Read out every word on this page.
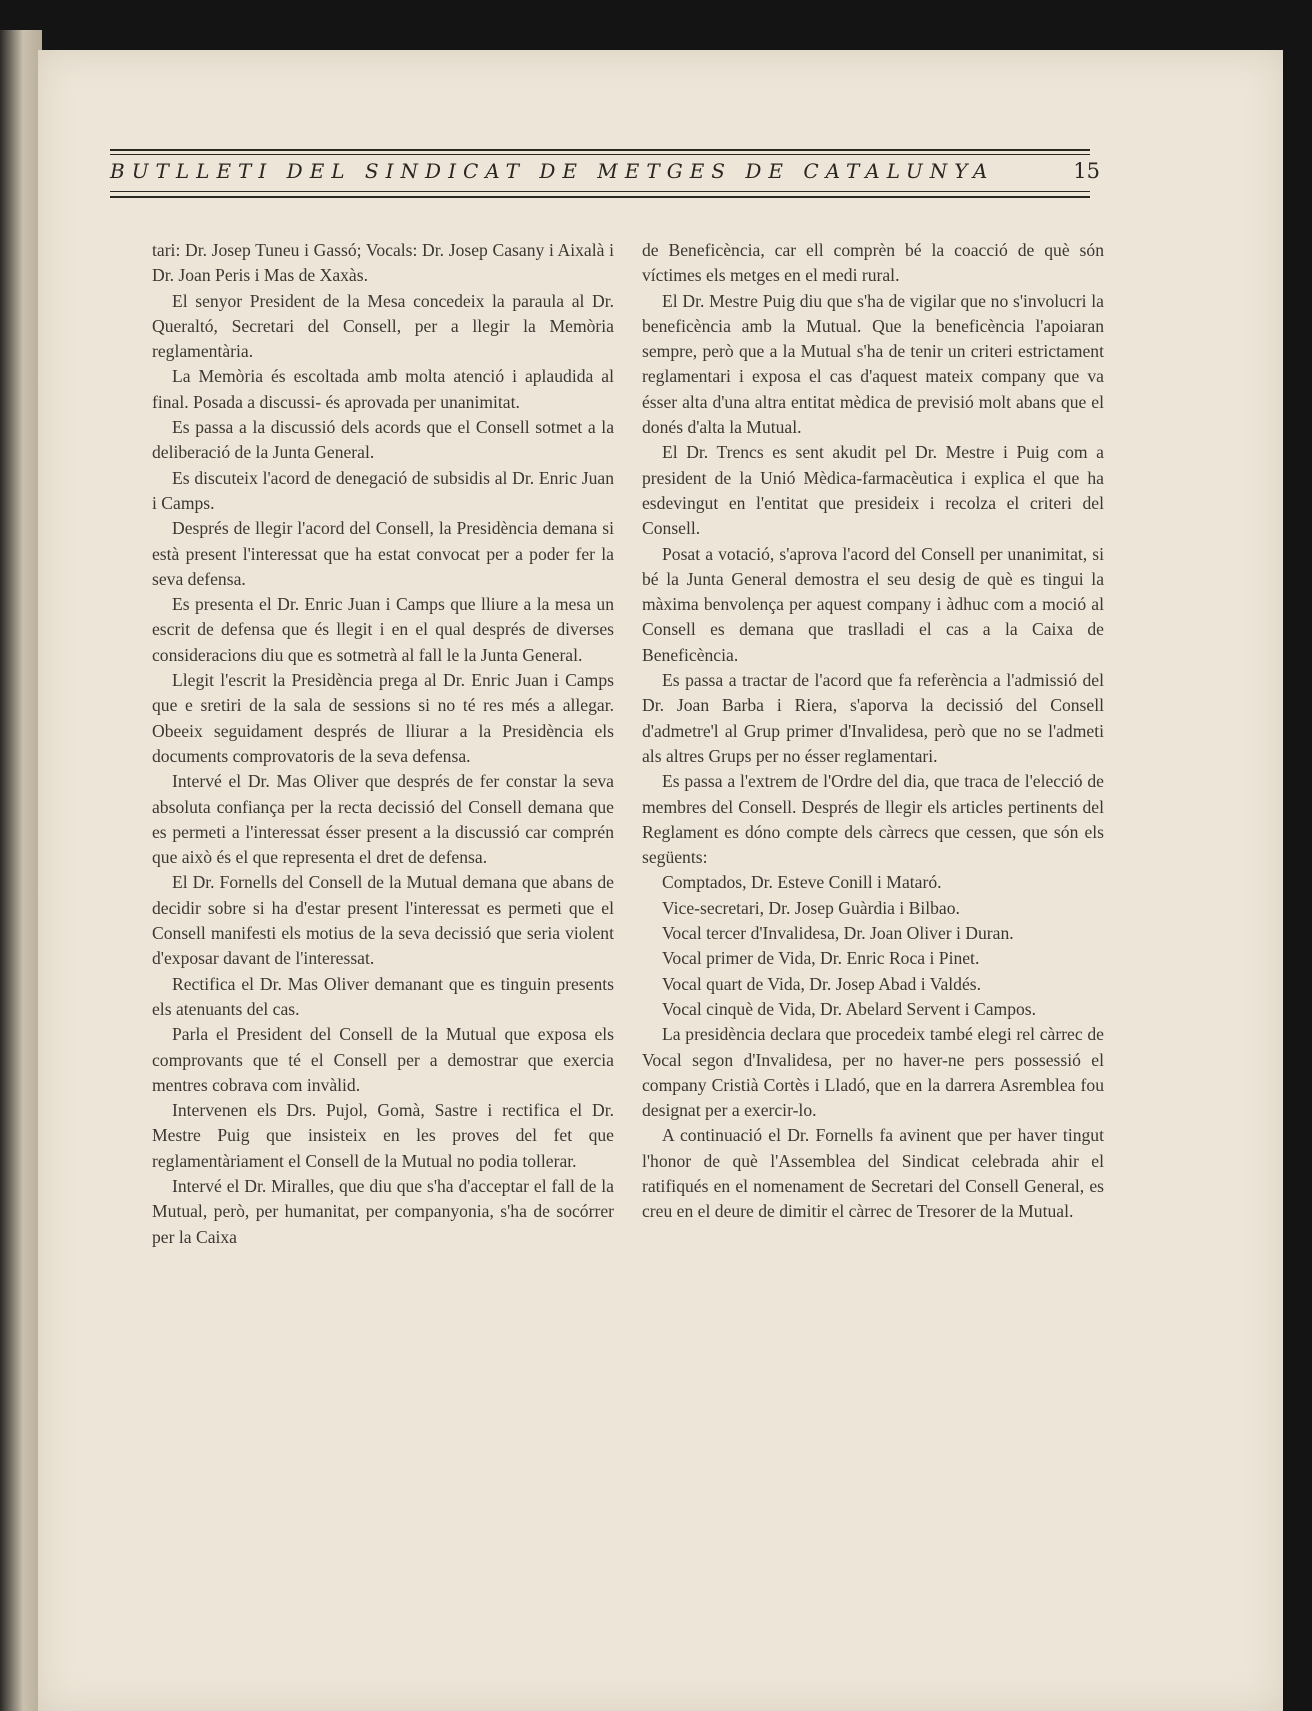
BUTLLETI DEL SINDICAT DE METGES DE CATALUNYA	15

tari: Dr. Josep Tuneu i Gassó; Vocals: Dr. Josep Casany i Aixalà i Dr. Joan Peris i Mas de Xaxàs.

El senyor President de la Mesa concedeix la paraula al Dr. Queraltó, Secretari del Consell, per a llegir la Memòria reglamentària.

La Memòria és escoltada amb molta atenció i aplaudida al final. Posada a discussi- és aprovada per unanimitat.

Es passa a la discussió dels acords que el Consell sotmet a la deliberació de la Junta General.

Es discuteix l'acord de denegació de subsidis al Dr. Enric Juan i Camps.

Després de llegir l'acord del Consell, la Presidència demana si està present l'interessat que ha estat convocat per a poder fer la seva defensa.

Es presenta el Dr. Enric Juan i Camps que lliure a la mesa un escrit de defensa que és llegit i en el qual després de diverses consideracions diu que es sotmetrà al fall le la Junta General.

Llegit l'escrit la Presidència prega al Dr. Enric Juan i Camps que e sretiri de la sala de sessions si no té res més a allegar. Obeeix seguidament després de lliurar a la Presidència els documents comprovatoris de la seva defensa.

Intervé el Dr. Mas Oliver que després de fer constar la seva absoluta confiança per la recta decissió del Consell demana que es permeti a l'interessat ésser present a la discussió car comprén que això és el que representa el dret de defensa.

El Dr. Fornells del Consell de la Mutual demana que abans de decidir sobre si ha d'estar present l'interessat es permeti que el Consell manifesti els motius de la seva decissió que seria violent d'exposar davant de l'interessat.

Rectifica el Dr. Mas Oliver demanant que es tinguin presents els atenuants del cas.

Parla el President del Consell de la Mutual que exposa els comprovants que té el Consell per a demostrar que exercia mentres cobrava com invàlid.

Intervenen els Drs. Pujol, Gomà, Sastre i rectifica el Dr. Mestre Puig que insisteix en les proves del fet que reglamentàriament el Consell de la Mutual no podia tollerar.

Intervé el Dr. Miralles, que diu que s'ha d'acceptar el fall de la Mutual, però, per humanitat, per companyonia, s'ha de socórrer per la Caixa

de Beneficència, car ell comprèn bé la coacció de què són víctimes els metges en el medi rural.

El Dr. Mestre Puig diu que s'ha de vigilar que no s'involucri la beneficència amb la Mutual. Que la beneficència l'apoiaran sempre, però que a la Mutual s'ha de tenir un criteri estrictament reglamentari i exposa el cas d'aquest mateix company que va ésser alta d'una altra entitat mèdica de previsió molt abans que el donés d'alta la Mutual.

El Dr. Trencs es sent akudit pel Dr. Mestre i Puig com a president de la Unió Mèdica-farmacèutica i explica el que ha esdevingut en l'entitat que presideix i recolza el criteri del Consell.

Posat a votació, s'aprova l'acord del Consell per unanimitat, si bé la Junta General demostra el seu desig de què es tingui la màxima benvolença per aquest company i àdhuc com a moció al Consell es demana que traslladi el cas a la Caixa de Beneficència.

Es passa a tractar de l'acord que fa referència a l'admissió del Dr. Joan Barba i Riera, s'aporva la decissió del Consell d'admetre'l al Grup primer d'Invalidesa, però que no se l'admeti als altres Grups per no ésser reglamentari.

Es passa a l'extrem de l'Ordre del dia, que traca de l'elecció de membres del Consell. Després de llegir els articles pertinents del Reglament es dóno compte dels càrrecs que cessen, que són els següents:

Comptados, Dr. Esteve Conill i Mataró.

Vice-secretari, Dr. Josep Guàrdia i Bilbao.

Vocal tercer d'Invalidesa, Dr. Joan Oliver i Duran.

Vocal primer de Vida, Dr. Enric Roca i Pinet.

Vocal quart de Vida, Dr. Josep Abad i Valdés.

Vocal cinquè de Vida, Dr. Abelard Servent i Campos.

La presidència declara que procedeix també elegi rel càrrec de Vocal segon d'Invalidesa, per no haver-ne pers possessió el company Cristià Cortès i Lladó, que en la darrera Asremblea fou designat per a exercir-lo.

A continuació el Dr. Fornells fa avinent que per haver tingut l'honor de què l'Assemblea del Sindicat celebrada ahir el ratifiqués en el nomenament de Secretari del Consell General, es creu en el deure de dimitir el càrrec de Tresorer de la Mutual.
